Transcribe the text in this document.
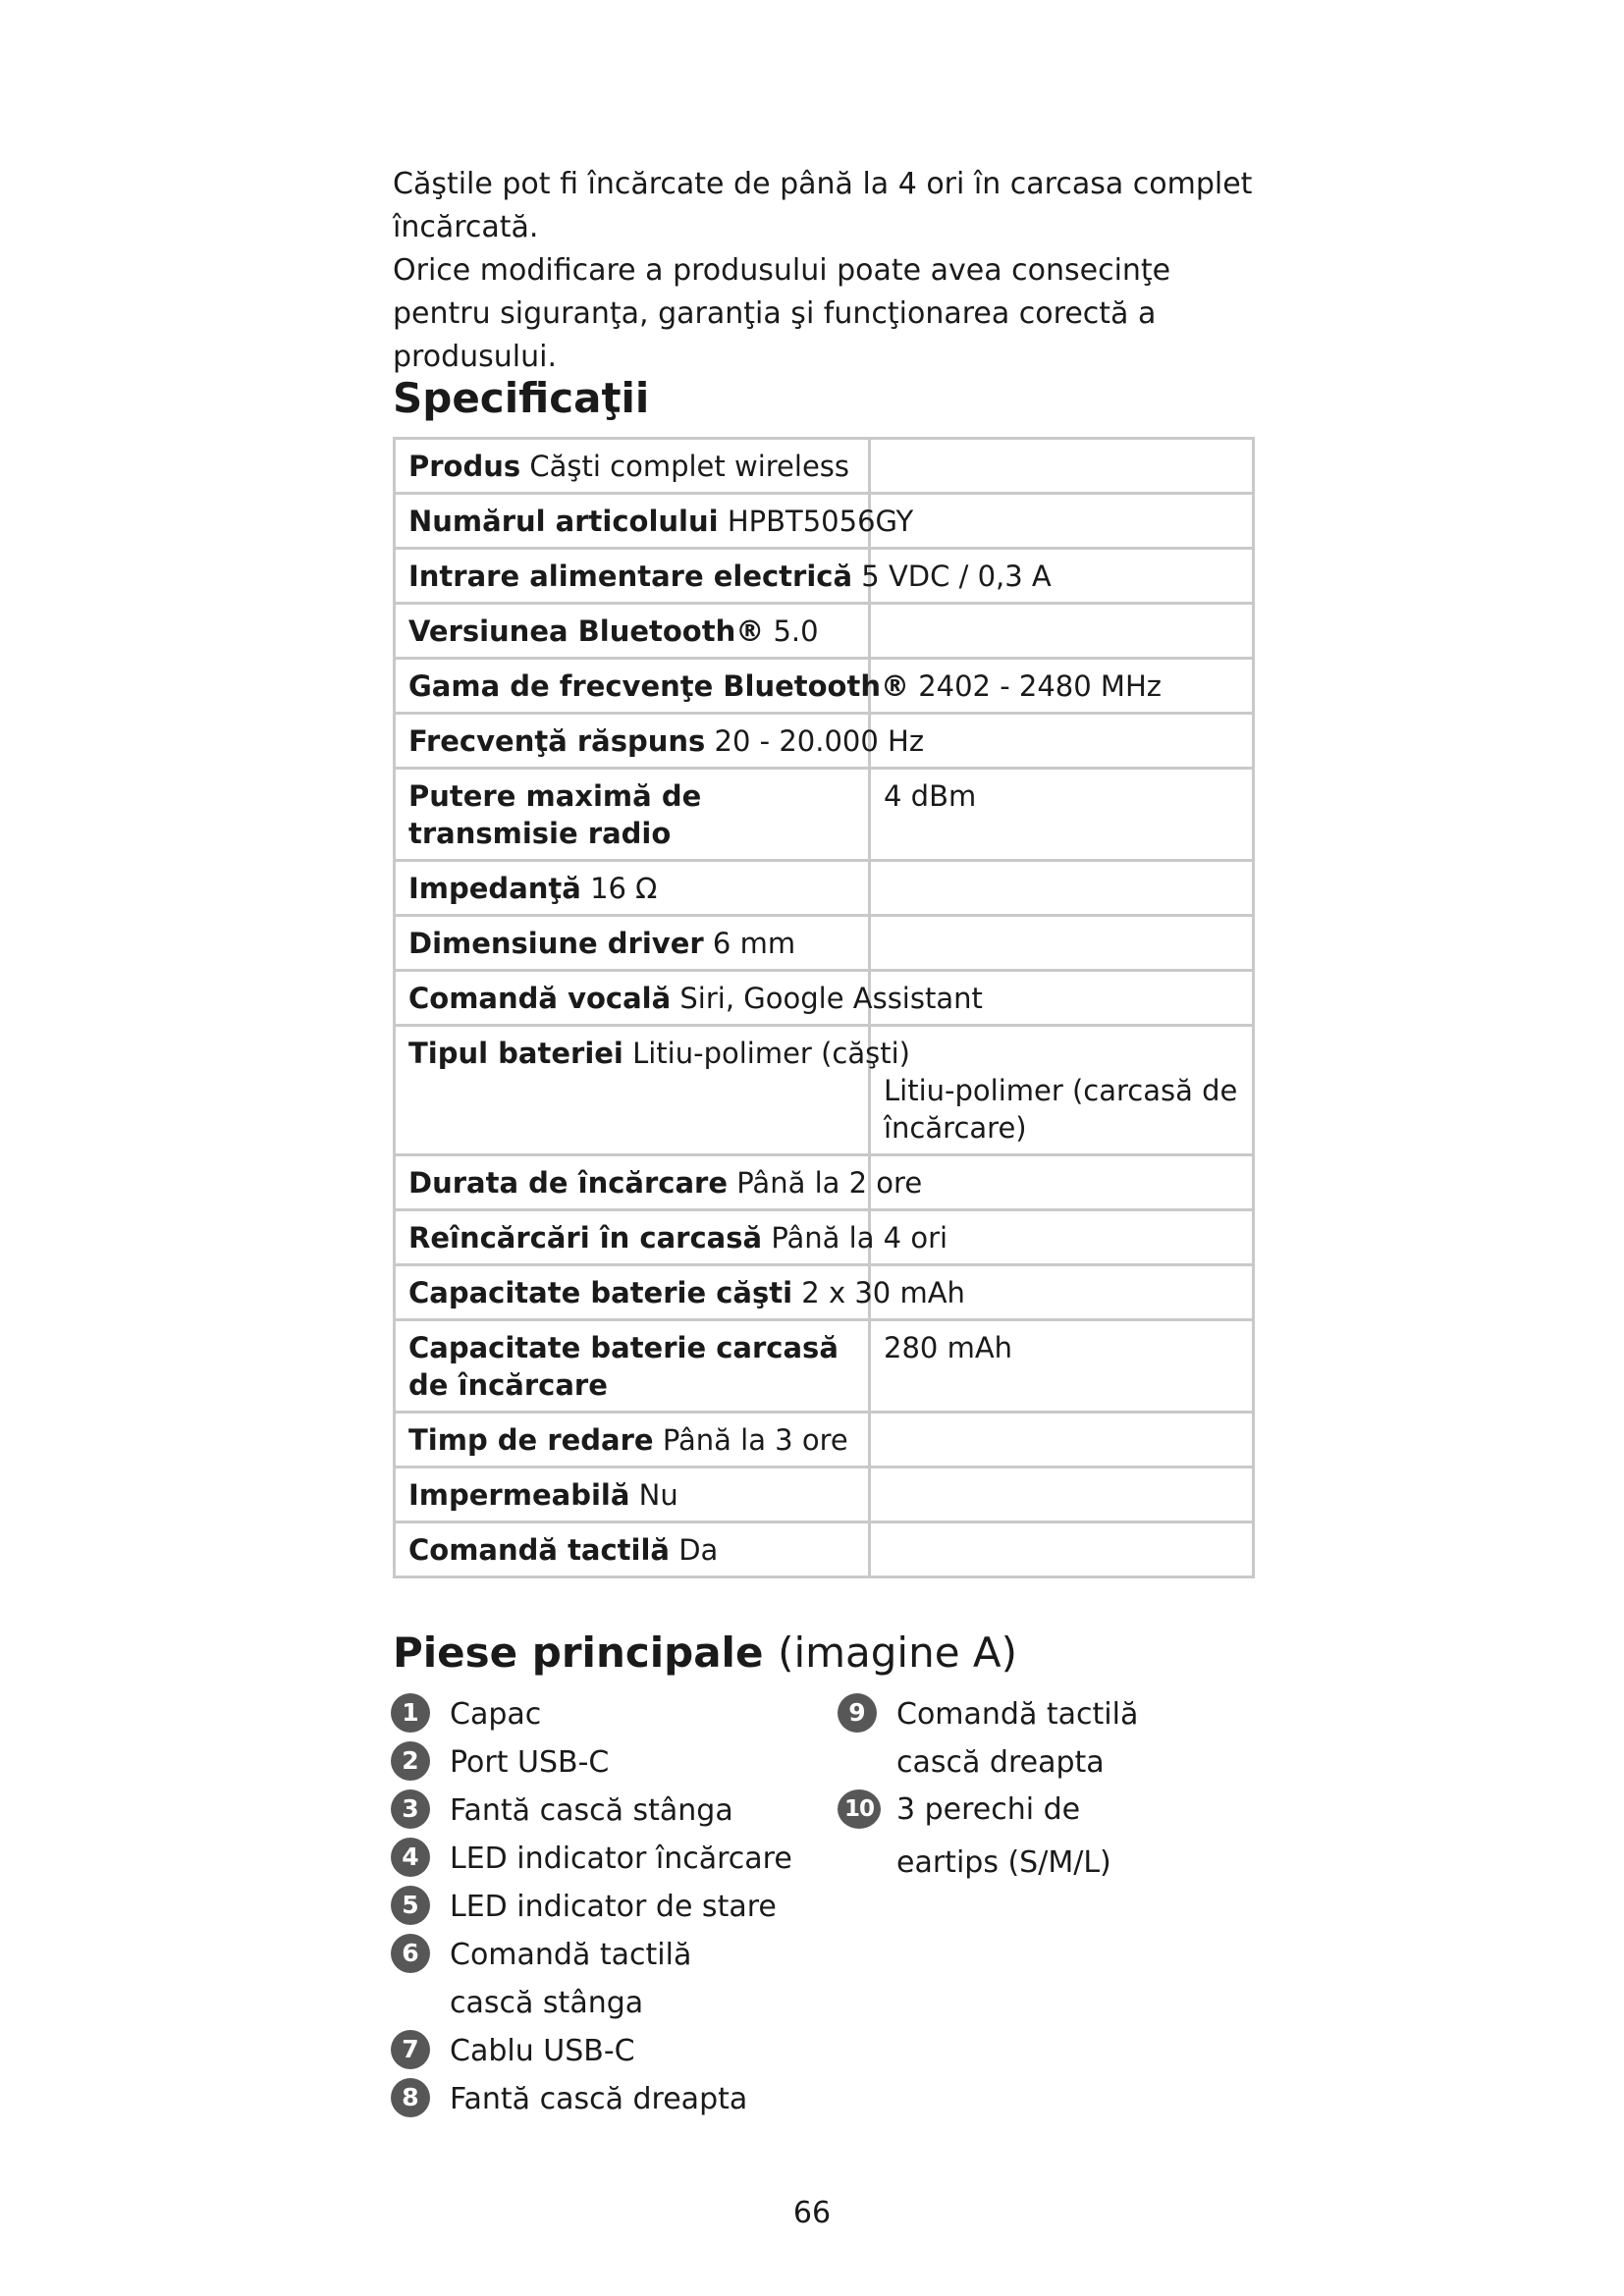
Căştile pot fi încărcate de până la 4 ori în carcasa complet încărcată.

Orice modificare a produsului poate avea consecinţe pentru siguranţa, garanţia şi funcţionarea corectă a produsului.

Specificaţii
Produs Căşti complet wireless	
Numărul articolului HPBT5056GY	
Intrare alimentare electrică 5 VDC / 0,3 A	
Versiunea Bluetooth® 5.0	
Gama de frecvenţe Bluetooth® 2402 - 2480 MHz	
Frecvenţă răspuns 20 - 20.000 Hz	
Putere maximă de transmisie radio	4 dBm
Impedanţă 16 Ω	
Dimensiune driver 6 mm	
Comandă vocală Siri, Google Assistant	
Tipul bateriei Litiu-polimer (căşti)	Litiu-polimer (carcasă de încărcare)

Durata de încărcare Până la 2 ore	
Reîncărcări în carcasă Până la 4 ori	
Capacitate baterie căşti 2 x 30 mAh	
Capacitate baterie carcasă de încărcare	280 mAh
Timp de redare Până la 3 ore	
Impermeabilă Nu	
Comandă tactilă Da	
Piese principale (imagine A)
1	Capac
2	Port USB-C
3	Fantă cască stânga
4	LED indicator încărcare
5	LED indicator de stare
6	Comandă tactilă cască stânga
7	Cablu USB-C
8	Fantă cască dreapta
9	Comandă tactilă cască dreapta
10 3 perechi de eartips (S/M/L)
66
